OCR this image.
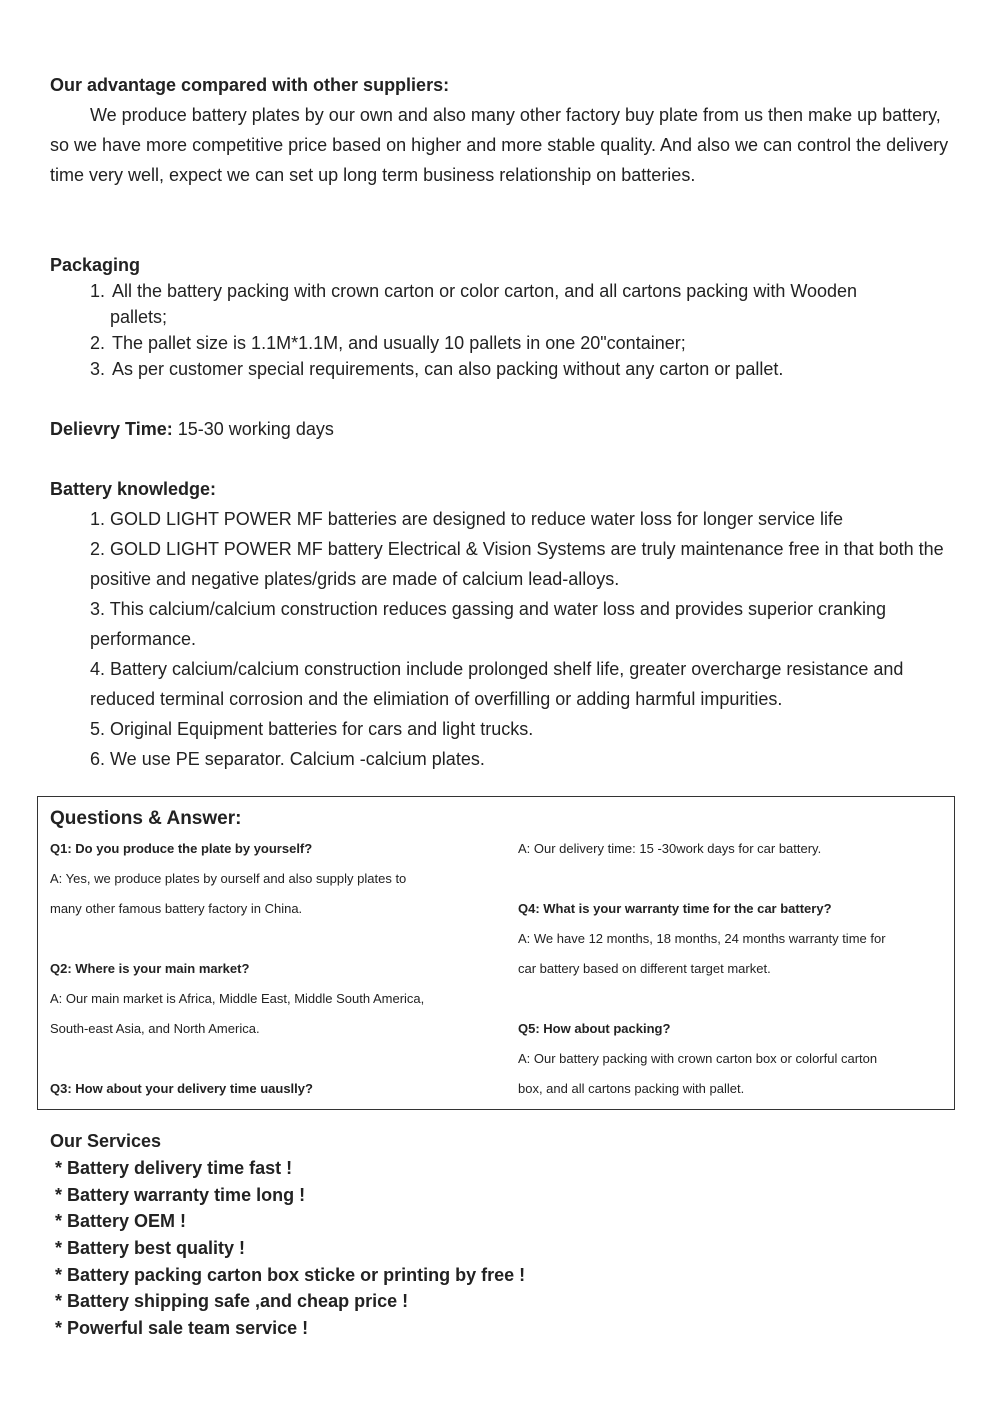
Our advantage compared with other suppliers:
We produce battery plates by our own and also many other factory buy plate from us then make up battery, so we have more competitive price based on higher and more stable quality. And also we can control the delivery time very well, expect we can set up long term business relationship on batteries.
Packaging
1. All the battery packing with crown carton or color carton, and all cartons packing with Wooden pallets;
2. The pallet size is 1.1M*1.1M, and usually 10 pallets in one 20"container;
3. As per customer special requirements, can also packing without any carton or pallet.
Delievry Time: 15-30 working days
Battery knowledge:
1. GOLD LIGHT POWER MF batteries are designed to reduce water loss for longer service life
2. GOLD LIGHT POWER MF battery Electrical & Vision Systems are truly maintenance free in that both the positive and negative plates/grids are made of calcium lead-alloys.
3. This calcium/calcium construction reduces gassing and water loss and provides superior cranking performance.
4. Battery calcium/calcium construction include prolonged shelf life, greater overcharge resistance and reduced terminal corrosion and the elimiation of overfilling or adding harmful impurities.
5. Original Equipment batteries for cars and light trucks.
6. We use PE separator. Calcium -calcium plates.
Questions & Answer:
Q1: Do you produce the plate by yourself?
A: Yes, we produce plates by ourself and also supply plates to
many other famous battery factory in China.
Q2: Where is your main market?
A: Our main market is Africa, Middle East, Middle South America,
South-east Asia, and North America.
Q3: How about your delivery time uauslly?
A: Our delivery time: 15 -30work days for car battery.
Q4: What is your warranty time for the car battery?
A: We have 12 months, 18 months, 24 months warranty time for
car battery based on different target market.
Q5: How about packing?
A: Our battery packing with crown carton box or colorful carton
box, and all cartons packing with pallet.
Our Services
* Battery delivery time fast !
* Battery warranty time long !
* Battery OEM !
* Battery best quality !
* Battery packing carton box sticke or printing by free !
* Battery shipping safe ,and cheap price !
* Powerful sale team service !
